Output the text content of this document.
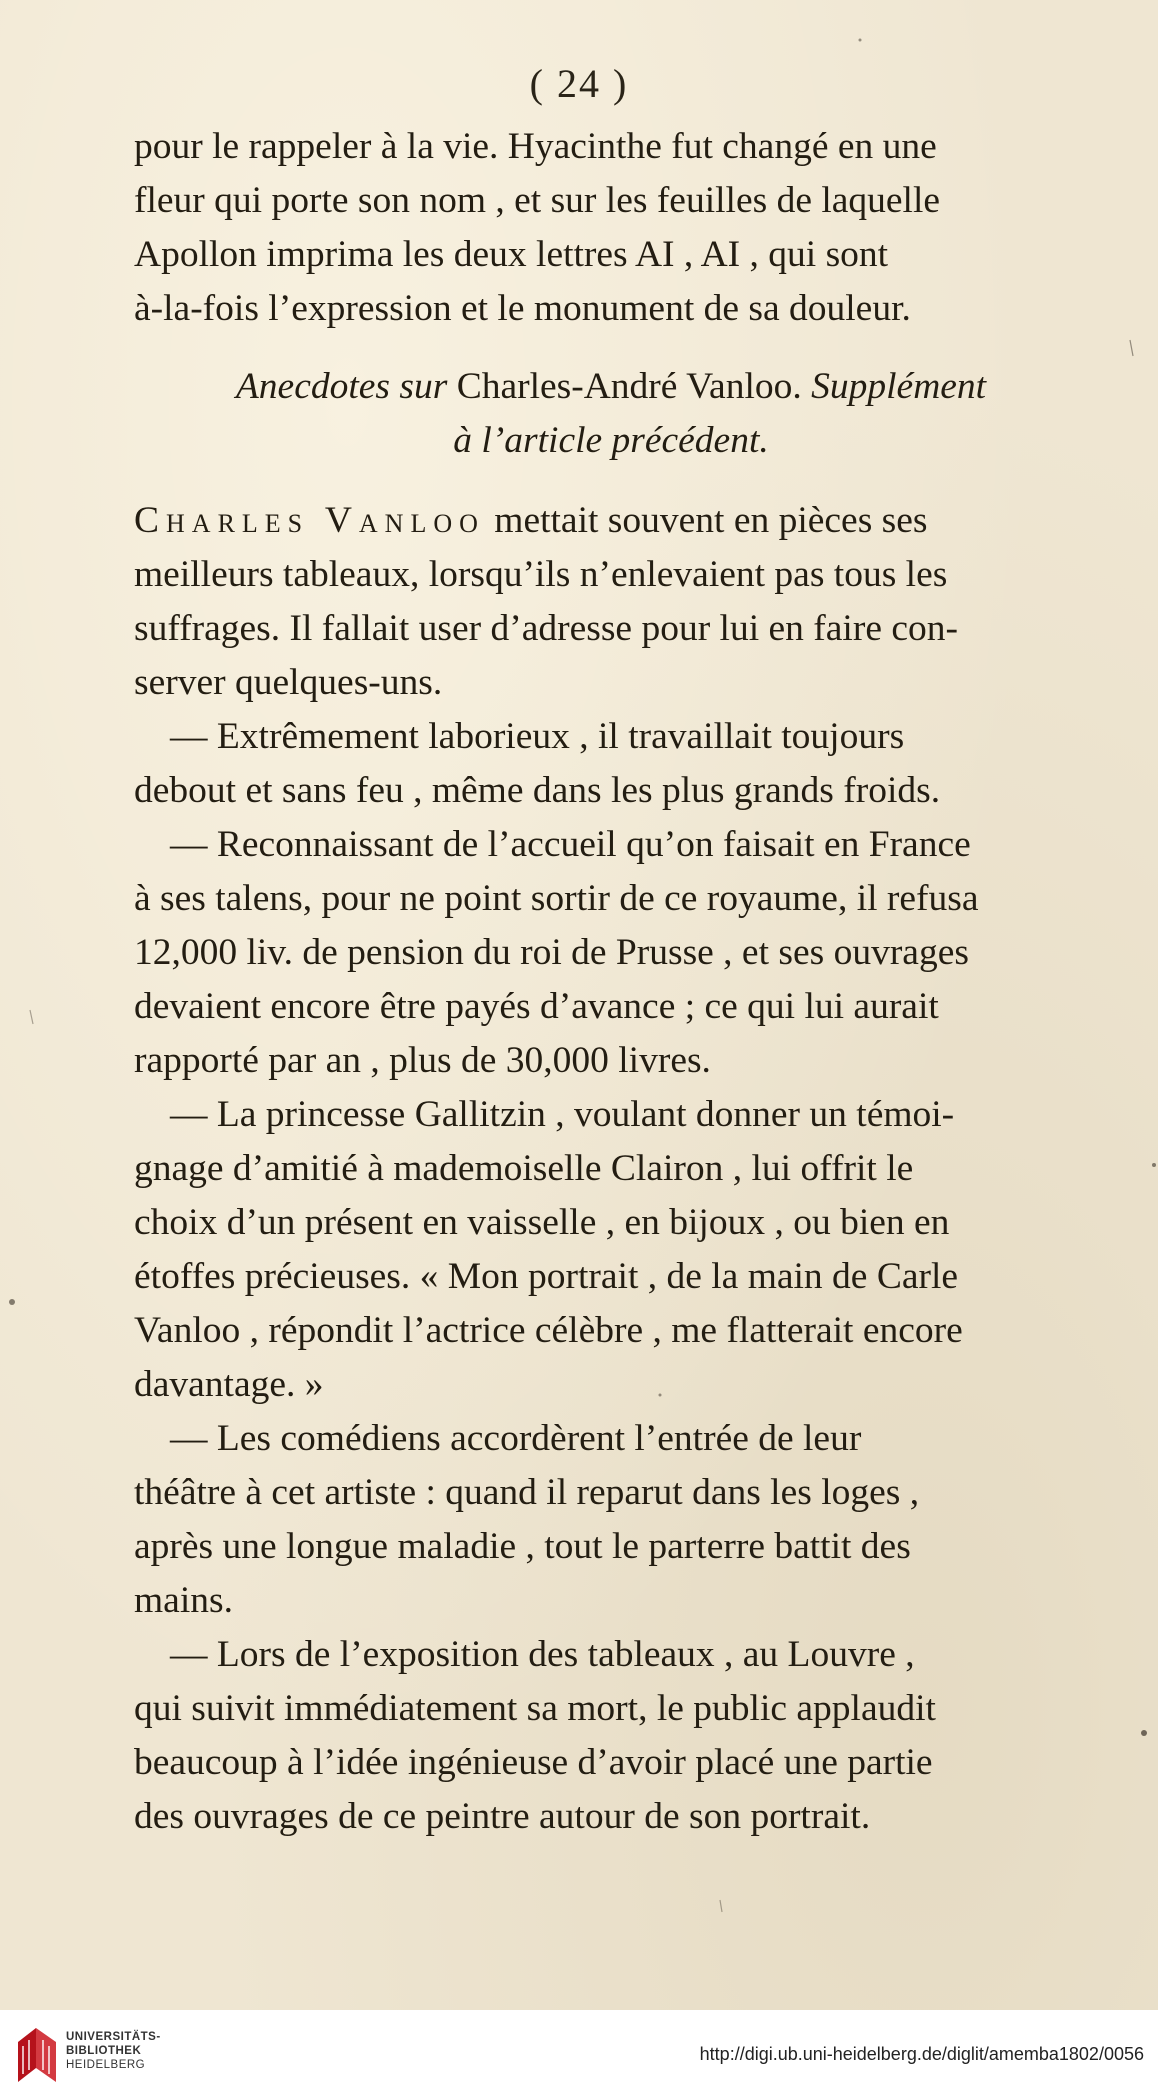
( 24 )
pour le rappeler à la vie. Hyacinthe fut changé en une
fleur qui porte son nom , et sur les feuilles de laquelle
Apollon imprima les deux lettres AI , AI , qui sont
à-la-fois l’expression et le monument de sa douleur.
Anecdotes sur Charles-André Vanloo. Supplément
à l’article précédent.
Charles Vanloo mettait souvent en pièces ses
meilleurs tableaux, lorsqu’ils n’enlevaient pas tous les
suffrages. Il fallait user d’adresse pour lui en faire con-
server quelques-uns.
— Extrêmement laborieux , il travaillait toujours
debout et sans feu , même dans les plus grands froids.
— Reconnaissant de l’accueil qu’on faisait en France
à ses talens, pour ne point sortir de ce royaume, il refusa
12,000 liv. de pension du roi de Prusse , et ses ouvrages
devaient encore être payés d’avance ; ce qui lui aurait
rapporté par an , plus de 30,000 livres.
— La princesse Gallitzin , voulant donner un témoi-
gnage d’amitié à mademoiselle Clairon , lui offrit le
choix d’un présent en vaisselle , en bijoux , ou bien en
étoffes précieuses. « Mon portrait , de la main de Carle
Vanloo , répondit l’actrice célèbre , me flatterait encore
davantage. »
— Les comédiens accordèrent l’entrée de leur
théâtre à cet artiste : quand il reparut dans les loges ,
après une longue maladie , tout le parterre battit des
mains.
— Lors de l’exposition des tableaux , au Louvre ,
qui suivit immédiatement sa mort, le public applaudit
beaucoup à l’idée ingénieuse d’avoir placé une partie
des ouvrages de ce peintre autour de son portrait.
UNIVERSITÄTS-
BIBLIOTHEK
HEIDELBERG
http://digi.ub.uni-heidelberg.de/diglit/amemba1802/0056
